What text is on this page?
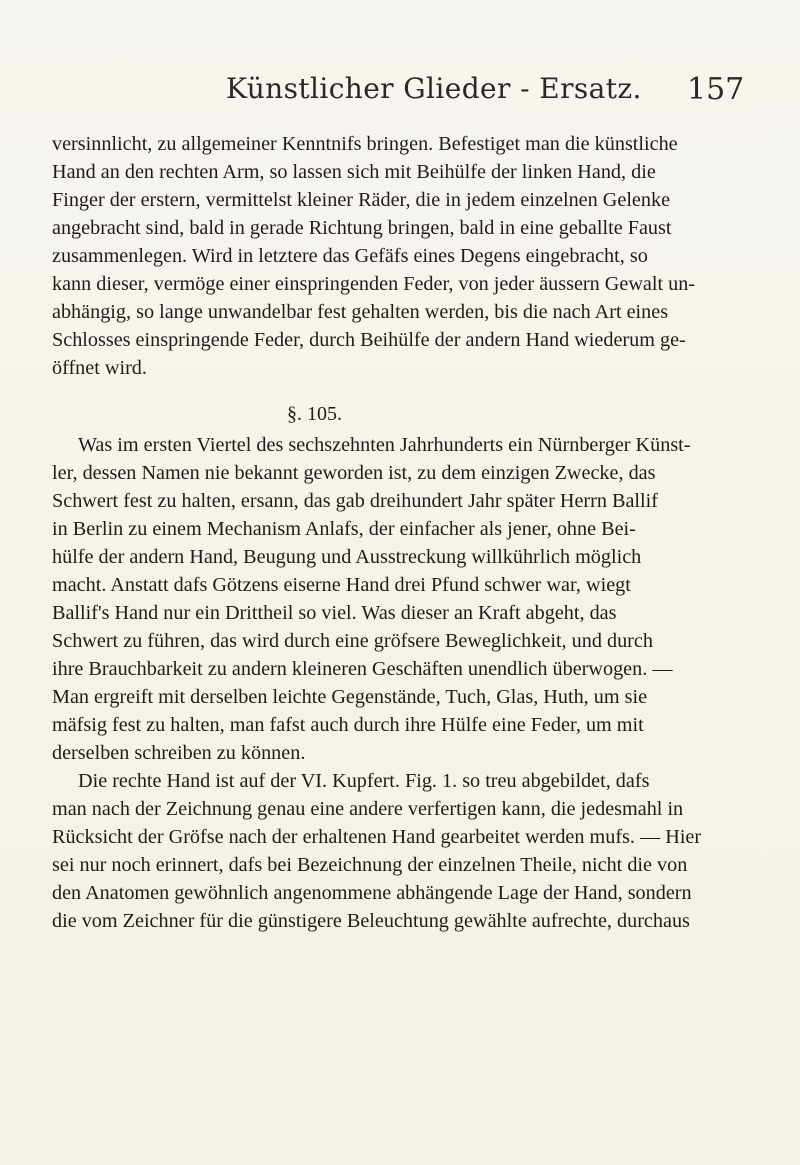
Künstlicher Glieder - Ersatz. 157
versinnlicht, zu allgemeiner Kenntnifs bringen. Befestiget man die künstliche
Hand an den rechten Arm, so lassen sich mit Beihülfe der linken Hand, die
Finger der erstern, vermittelst kleiner Räder, die in jedem einzelnen Gelenke
angebracht sind, bald in gerade Richtung bringen, bald in eine geballte Faust
zusammenlegen. Wird in letztere das Gefäfs eines Degens eingebracht, so
kann dieser, vermöge einer einspringenden Feder, von jeder äussern Gewalt un-
abhängig, so lange unwandelbar fest gehalten werden, bis die nach Art eines
Schlosses einspringende Feder, durch Beihülfe der andern Hand wiederum ge-
öffnet wird.
§. 105.
Was im ersten Viertel des sechszehnten Jahrhunderts ein Nürnberger Künst-
ler, dessen Namen nie bekannt geworden ist, zu dem einzigen Zwecke, das
Schwert fest zu halten, ersann, das gab dreihundert Jahr später Herrn Ballif
in Berlin zu einem Mechanism Anlafs, der einfacher als jener, ohne Bei-
hülfe der andern Hand, Beugung und Ausstreckung willkührlich möglich
macht. Anstatt dafs Götzens eiserne Hand drei Pfund schwer war, wiegt
Ballif's Hand nur ein Drittheil so viel. Was dieser an Kraft abgeht, das
Schwert zu führen, das wird durch eine gröfsere Beweglichkeit, und durch
ihre Brauchbarkeit zu andern kleineren Geschäften unendlich überwogen. —
Man ergreift mit derselben leichte Gegenstände, Tuch, Glas, Huth, um sie
mäfsig fest zu halten, man fafst auch durch ihre Hülfe eine Feder, um mit
derselben schreiben zu können.
Die rechte Hand ist auf der VI. Kupfert. Fig. 1. so treu abgebildet, dafs
man nach der Zeichnung genau eine andere verfertigen kann, die jedesmahl in
Rücksicht der Gröfse nach der erhaltenen Hand gearbeitet werden mufs. — Hier
sei nur noch erinnert, dafs bei Bezeichnung der einzelnen Theile, nicht die von
den Anatomen gewöhnlich angenommene abhängende Lage der Hand, sondern
die vom Zeichner für die günstigere Beleuchtung gewählte aufrechte, durchaus
